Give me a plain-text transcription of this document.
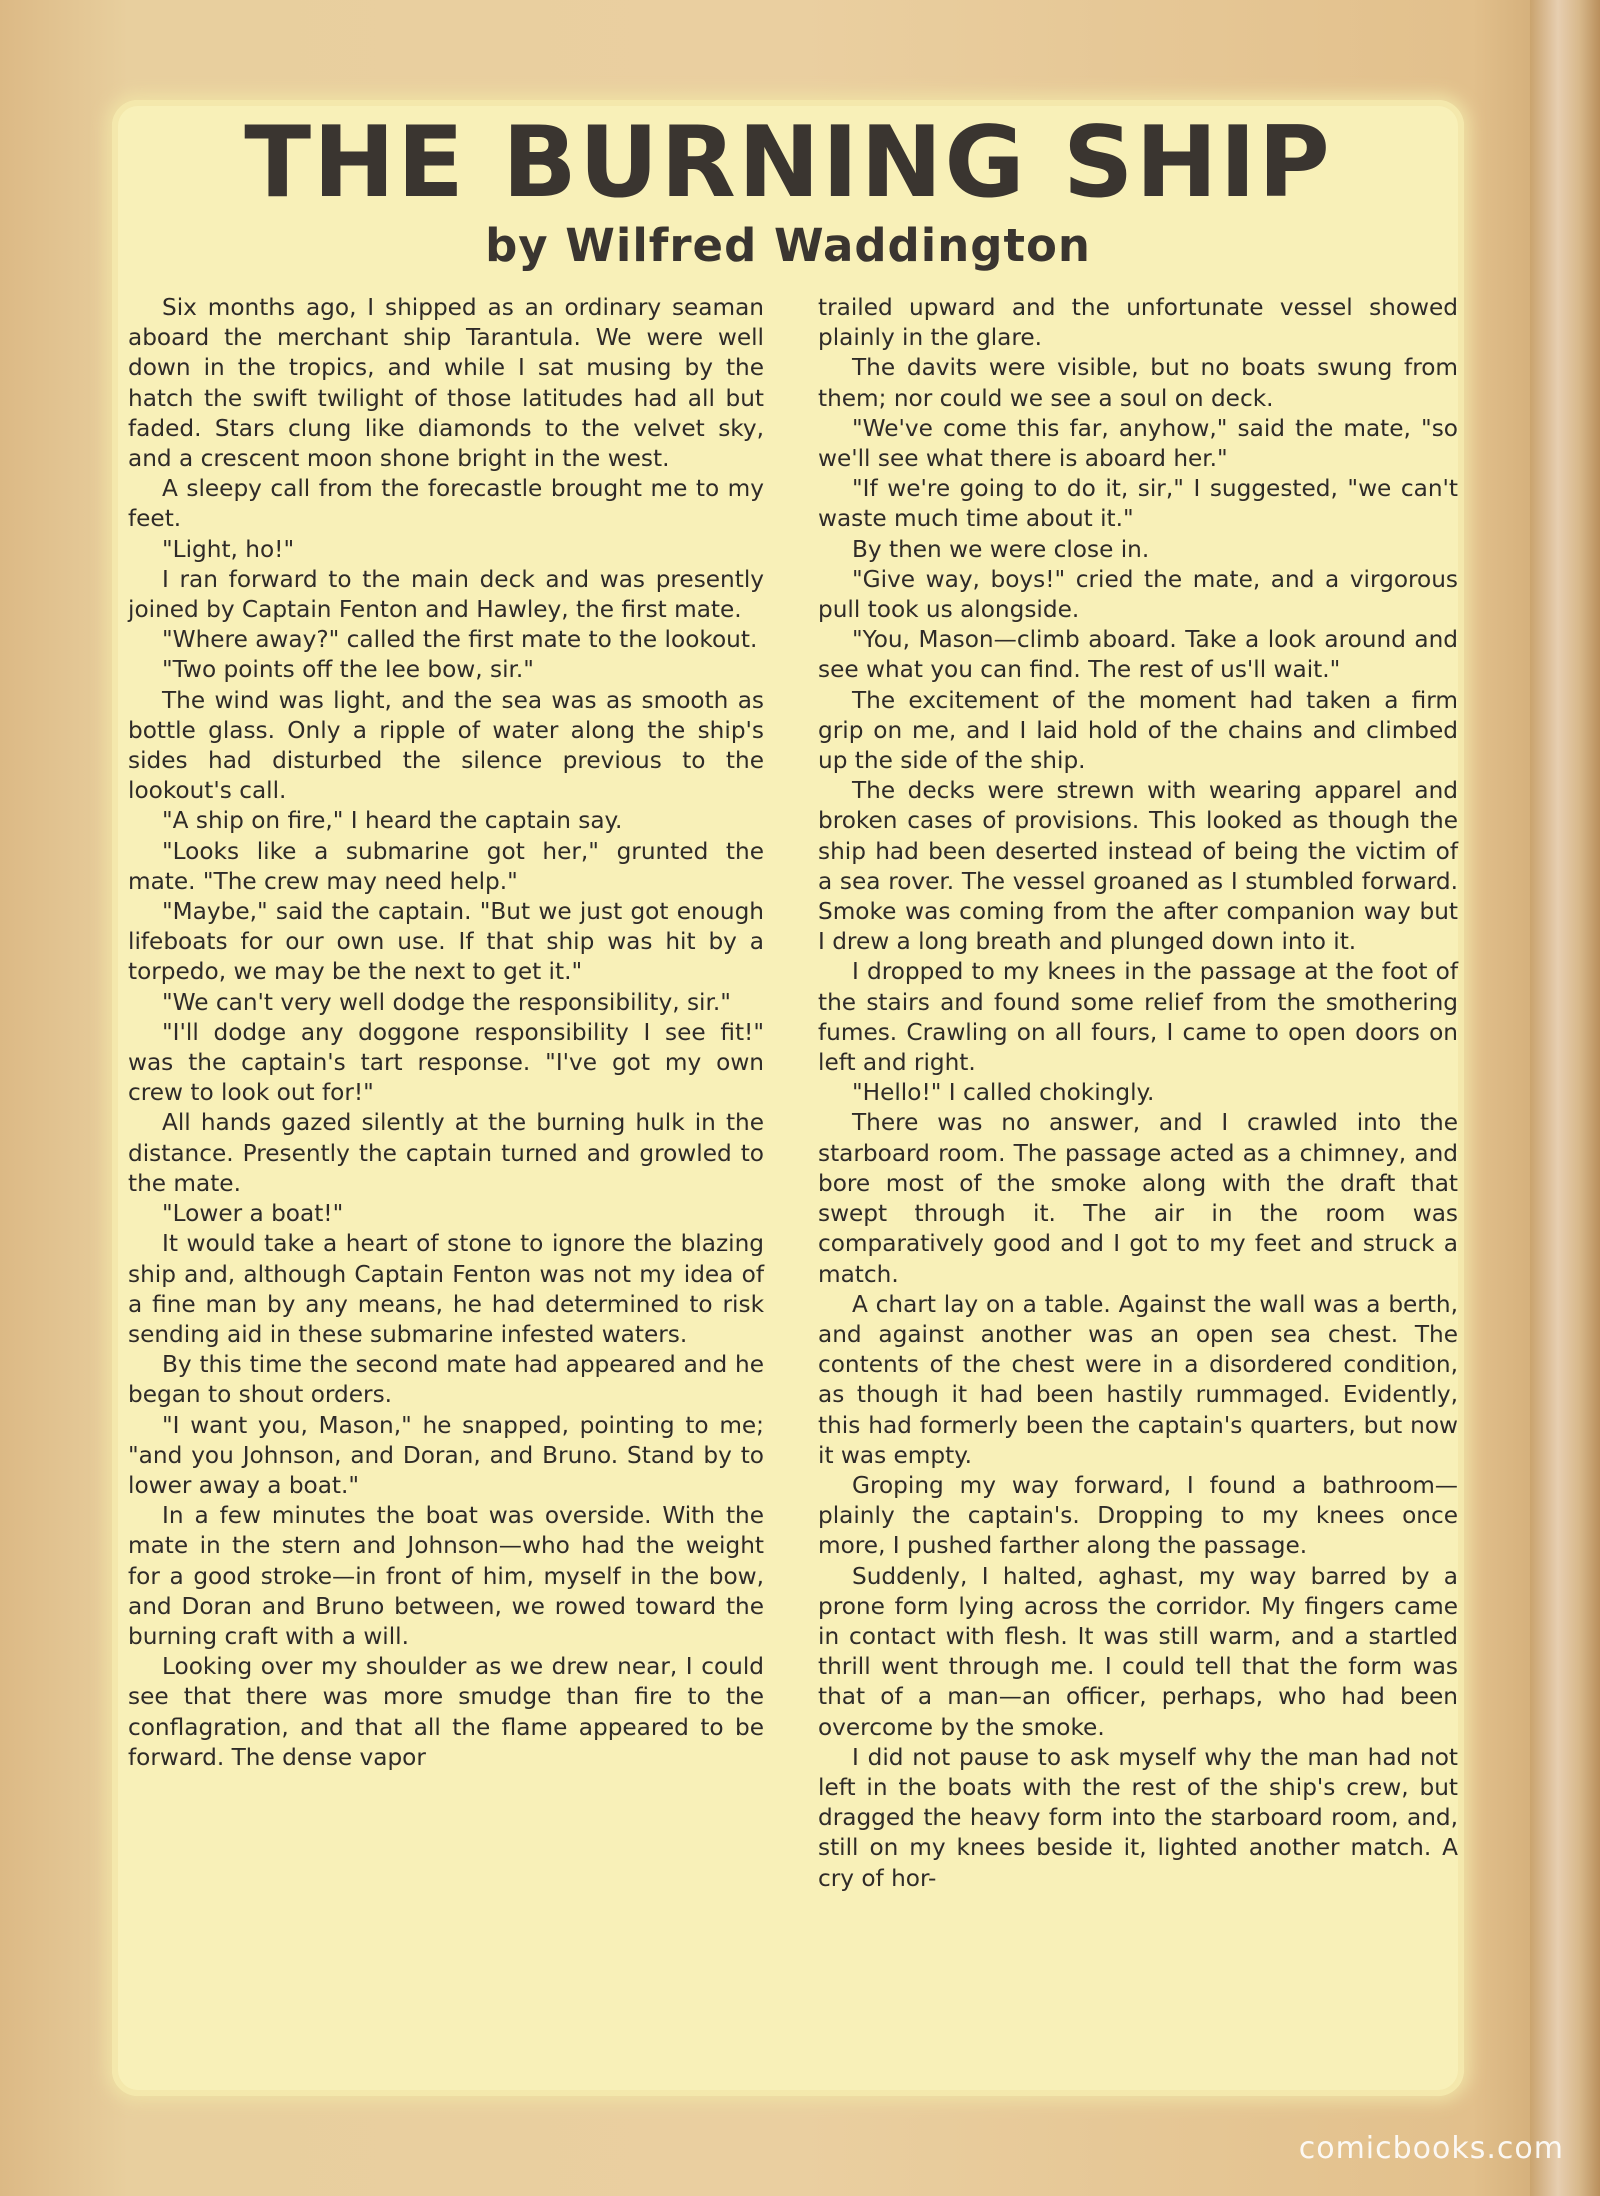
THE BURNING SHIP
by Wilfred Waddington

Six months ago, I shipped as an ordinary seaman aboard the merchant ship Tarantula. We were well down in the tropics, and while I sat musing by the hatch the swift twilight of those latitudes had all but faded. Stars clung like diamonds to the velvet sky, and a crescent moon shone bright in the west.

A sleepy call from the forecastle brought me to my feet.

"Light, ho!"

I ran forward to the main deck and was presently joined by Captain Fenton and Hawley, the first mate.

"Where away?" called the first mate to the lookout.

"Two points off the lee bow, sir."

The wind was light, and the sea was as smooth as bottle glass. Only a ripple of water along the ship's sides had disturbed the silence previous to the lookout's call.

"A ship on fire," I heard the captain say.

"Looks like a submarine got her," grunted the mate. "The crew may need help."

"Maybe," said the captain. "But we just got enough lifeboats for our own use. If that ship was hit by a torpedo, we may be the next to get it."

"We can't very well dodge the responsibility, sir."

"I'll dodge any doggone responsibility I see fit!" was the captain's tart response. "I've got my own crew to look out for!"

All hands gazed silently at the burning hulk in the distance. Presently the captain turned and growled to the mate.

"Lower a boat!"

It would take a heart of stone to ignore the blazing ship and, although Captain Fenton was not my idea of a fine man by any means, he had determined to risk sending aid in these submarine infested waters.

By this time the second mate had appeared and he began to shout orders.

"I want you, Mason," he snapped, pointing to me; "and you Johnson, and Doran, and Bruno. Stand by to lower away a boat."

In a few minutes the boat was overside. With the mate in the stern and Johnson—who had the weight for a good stroke—in front of him, myself in the bow, and Doran and Bruno between, we rowed toward the burning craft with a will.

Looking over my shoulder as we drew near, I could see that there was more smudge than fire to the conflagration, and that all the flame appeared to be forward. The dense vapor

trailed upward and the unfortunate vessel showed plainly in the glare.

The davits were visible, but no boats swung from them; nor could we see a soul on deck.

"We've come this far, anyhow," said the mate, "so we'll see what there is aboard her."

"If we're going to do it, sir," I suggested, "we can't waste much time about it."

By then we were close in.

"Give way, boys!" cried the mate, and a virgorous pull took us alongside.

"You, Mason—climb aboard. Take a look around and see what you can find. The rest of us'll wait."

The excitement of the moment had taken a firm grip on me, and I laid hold of the chains and climbed up the side of the ship.

The decks were strewn with wearing apparel and broken cases of provisions. This looked as though the ship had been deserted instead of being the victim of a sea rover. The vessel groaned as I stumbled forward. Smoke was coming from the after companion way but I drew a long breath and plunged down into it.

I dropped to my knees in the passage at the foot of the stairs and found some relief from the smothering fumes. Crawling on all fours, I came to open doors on left and right.

"Hello!" I called chokingly.

There was no answer, and I crawled into the starboard room. The passage acted as a chimney, and bore most of the smoke along with the draft that swept through it. The air in the room was comparatively good and I got to my feet and struck a match.

A chart lay on a table. Against the wall was a berth, and against another was an open sea chest. The contents of the chest were in a disordered condition, as though it had been hastily rummaged. Evidently, this had formerly been the captain's quarters, but now it was empty.

Groping my way forward, I found a bathroom—plainly the captain's. Dropping to my knees once more, I pushed farther along the passage.

Suddenly, I halted, aghast, my way barred by a prone form lying across the corridor. My fingers came in contact with flesh. It was still warm, and a startled thrill went through me. I could tell that the form was that of a man—an officer, perhaps, who had been overcome by the smoke.

I did not pause to ask myself why the man had not left in the boats with the rest of the ship's crew, but dragged the heavy form into the starboard room, and, still on my knees beside it, lighted another match. A cry of hor-

comicbooks.com
